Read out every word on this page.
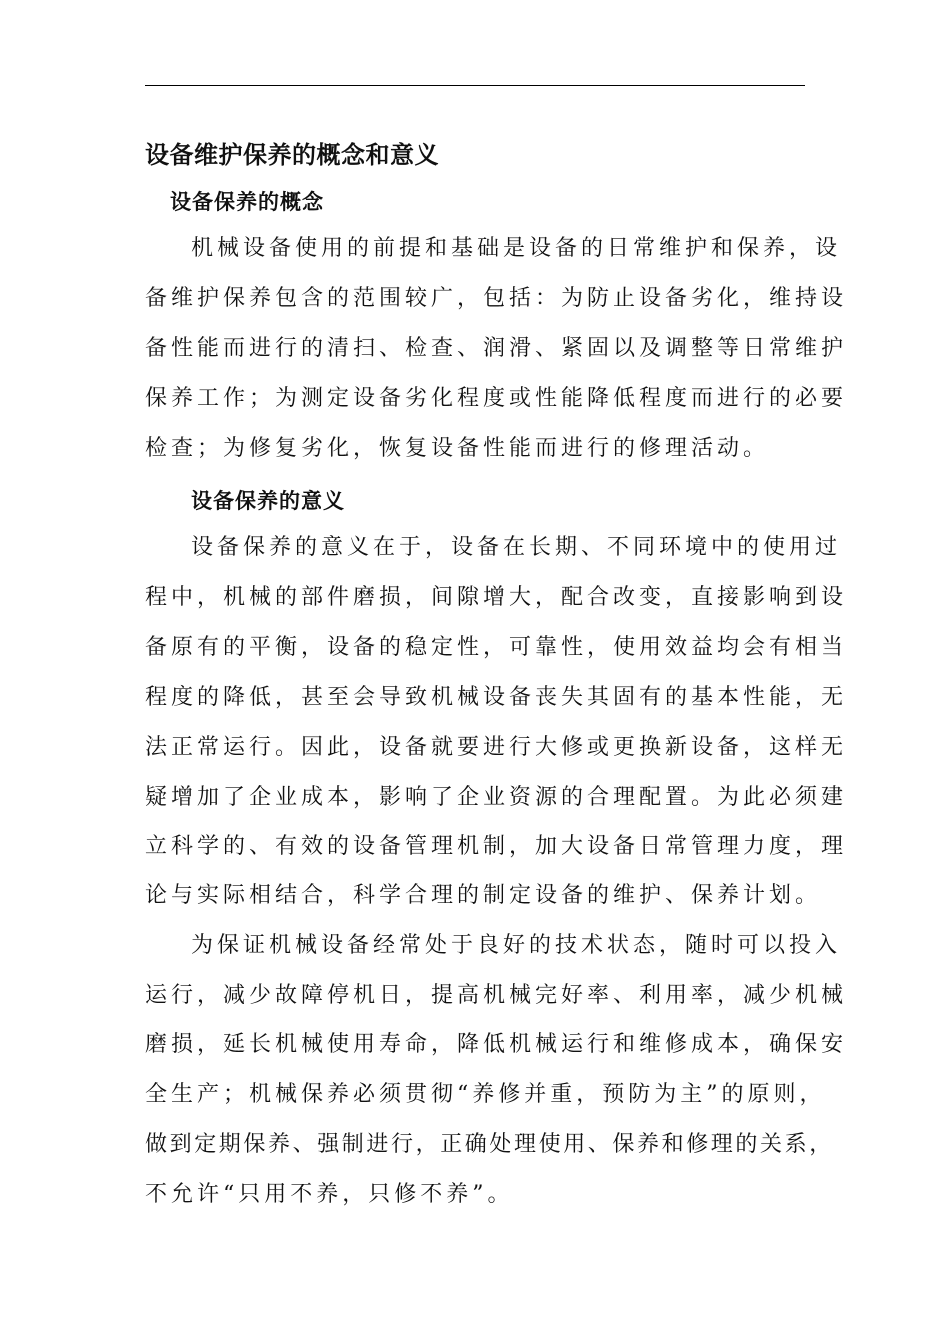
设备维护保养的概念和意义
设备保养的概念
机械设备使用的前提和基础是设备的日常维护和保养，设
备维护保养包含的范围较广，包括：为防止设备劣化，维持设
备性能而进行的清扫、检查、润滑、紧固以及调整等日常维护
保养工作；为测定设备劣化程度或性能降低程度而进行的必要
检查；为修复劣化，恢复设备性能而进行的修理活动。
设备保养的意义
设备保养的意义在于，设备在长期、不同环境中的使用过
程中，机械的部件磨损，间隙增大，配合改变，直接影响到设
备原有的平衡，设备的稳定性，可靠性，使用效益均会有相当
程度的降低，甚至会导致机械设备丧失其固有的基本性能，无
法正常运行。因此，设备就要进行大修或更换新设备，这样无
疑增加了企业成本，影响了企业资源的合理配置。为此必须建
立科学的、有效的设备管理机制，加大设备日常管理力度，理
论与实际相结合，科学合理的制定设备的维护、保养计划。
为保证机械设备经常处于良好的技术状态，随时可以投入
运行，减少故障停机日，提高机械完好率、利用率，减少机械
磨损，延长机械使用寿命，降低机械运行和维修成本，确保安
全生产；机械保养必须贯彻“养修并重，预防为主”的原则，
做到定期保养、强制进行，正确处理使用、保养和修理的关系，
不允许“只用不养，只修不养”。
